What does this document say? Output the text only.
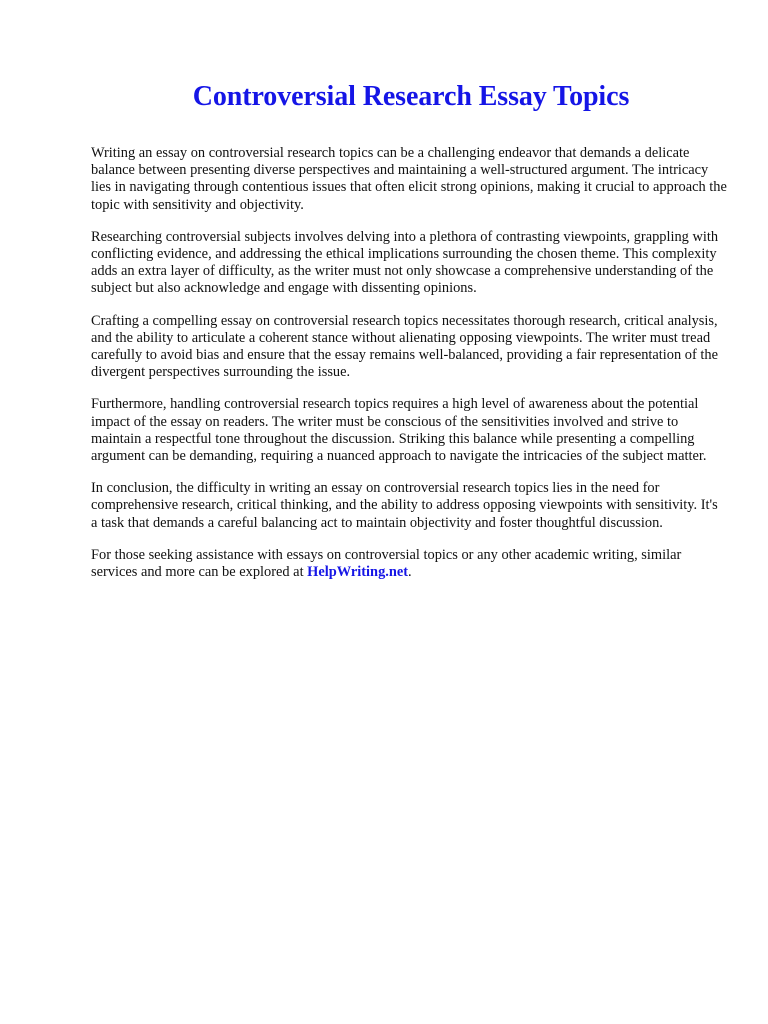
Controversial Research Essay Topics

Writing an essay on controversial research topics can be a challenging endeavor that demands a delicate balance between presenting diverse perspectives and maintaining a well-structured argument. The intricacy lies in navigating through contentious issues that often elicit strong opinions, making it crucial to approach the topic with sensitivity and objectivity.

Researching controversial subjects involves delving into a plethora of contrasting viewpoints, grappling with conflicting evidence, and addressing the ethical implications surrounding the chosen theme. This complexity adds an extra layer of difficulty, as the writer must not only showcase a comprehensive understanding of the subject but also acknowledge and engage with dissenting opinions.

Crafting a compelling essay on controversial research topics necessitates thorough research, critical analysis, and the ability to articulate a coherent stance without alienating opposing viewpoints. The writer must tread carefully to avoid bias and ensure that the essay remains well-balanced, providing a fair representation of the divergent perspectives surrounding the issue.

Furthermore, handling controversial research topics requires a high level of awareness about the potential impact of the essay on readers. The writer must be conscious of the sensitivities involved and strive to maintain a respectful tone throughout the discussion. Striking this balance while presenting a compelling argument can be demanding, requiring a nuanced approach to navigate the intricacies of the subject matter.

In conclusion, the difficulty in writing an essay on controversial research topics lies in the need for comprehensive research, critical thinking, and the ability to address opposing viewpoints with sensitivity. It's a task that demands a careful balancing act to maintain objectivity and foster thoughtful discussion.

For those seeking assistance with essays on controversial topics or any other academic writing, similar services and more can be explored at HelpWriting.net.
